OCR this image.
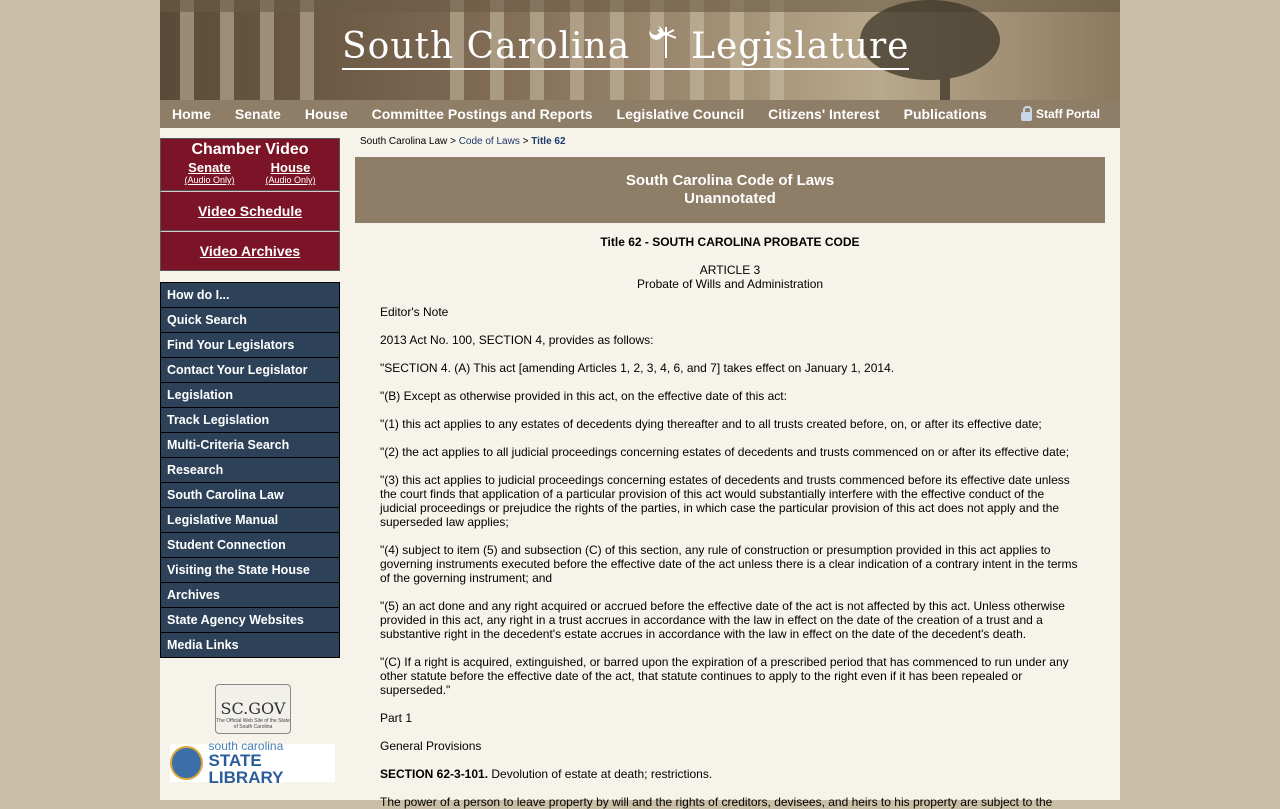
South Carolina Legislature
Home	Senate	House	Committee Postings and Reports	Legislative Council	Citizens' Interest	Publications	Staff Portal
Chamber Video
Senate
(Audio Only)
House
(Audio Only)
Video Schedule
Video Archives
How do I...
Quick Search
Find Your Legislators
Contact Your Legislator
Legislation
Track Legislation
Multi-Criteria Search
Research
South Carolina Law
Legislative Manual
Student Connection
Visiting the State House
Archives
State Agency Websites
Media Links
SC.GOV
The Official Web Site of the State of South Carolina
south carolina
STATE LIBRARY
South Carolina Law > Code of Laws > Title 62
South Carolina Code of Laws
Unannotated
Title 62 - SOUTH CAROLINA PROBATE CODE
ARTICLE 3
Probate of Wills and Administration
Editor's Note
2013 Act No. 100, SECTION 4, provides as follows:
"SECTION 4. (A) This act [amending Articles 1, 2, 3, 4, 6, and 7] takes effect on January 1, 2014.
"(B) Except as otherwise provided in this act, on the effective date of this act:
"(1) this act applies to any estates of decedents dying thereafter and to all trusts created before, on, or after its effective date;
"(2) the act applies to all judicial proceedings concerning estates of decedents and trusts commenced on or after its effective date;
"(3) this act applies to judicial proceedings concerning estates of decedents and trusts commenced before its effective date unless the court finds that application of a particular provision of this act would substantially interfere with the effective conduct of the judicial proceedings or prejudice the rights of the parties, in which case the particular provision of this act does not apply and the superseded law applies;
"(4) subject to item (5) and subsection (C) of this section, any rule of construction or presumption provided in this act applies to governing instruments executed before the effective date of the act unless there is a clear indication of a contrary intent in the terms of the governing instrument; and
"(5) an act done and any right acquired or accrued before the effective date of the act is not affected by this act. Unless otherwise provided in this act, any right in a trust accrues in accordance with the law in effect on the date of the creation of a trust and a substantive right in the decedent's estate accrues in accordance with the law in effect on the date of the decedent's death.
"(C) If a right is acquired, extinguished, or barred upon the expiration of a prescribed period that has commenced to run under any other statute before the effective date of the act, that statute continues to apply to the right even if it has been repealed or superseded."
Part 1
General Provisions
SECTION 62-3-101. Devolution of estate at death; restrictions.
The power of a person to leave property by will and the rights of creditors, devisees, and heirs to his property are subject to the
